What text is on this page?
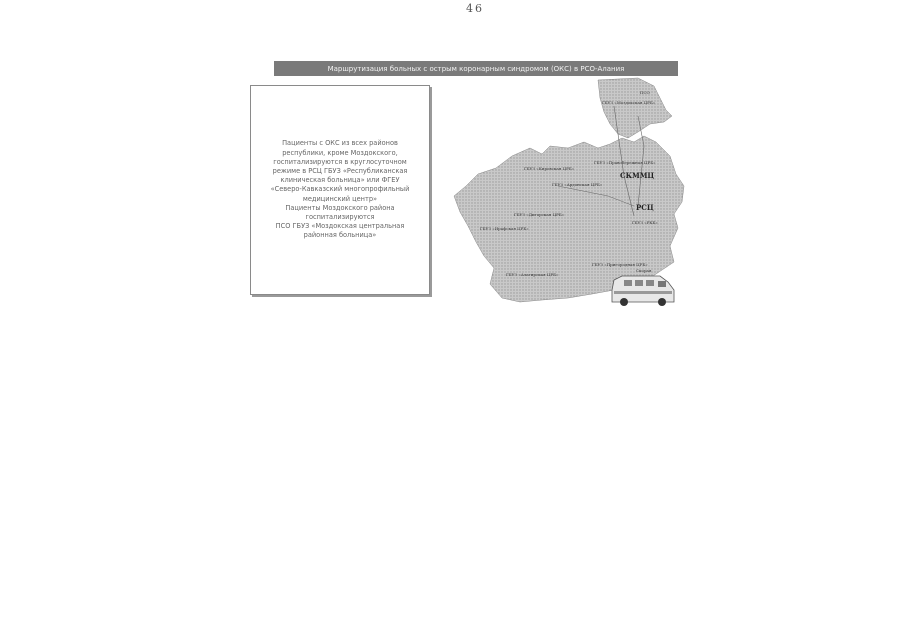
46
Маршрутизация больных с острым коронарным синдромом (ОКС) в РСО-Алания
Пациенты с ОКС из всех районов
республики, кроме Моздокского,
госпитализируются в круглосуточном
режиме в РСЦ ГБУЗ «Республиканская
клиническая больница» или ФГЕУ
«Северо-Кавказский многопрофильный
медицинский центр»
Пациенты Моздокского района
госпитализируются
ПСО ГБУЗ «Моздокская центральная
районная больница»
ПСО
ГБУЗ «Моздокская ЦРБ»
ГБУЗ «Правобережная ЦРБ»
ГБУЗ «Кировская ЦРБ»
СКММЦ
ГБУЗ «Ардонская ЦРБ»
РСЦ
ГБУЗ «РКБ»
ГБУЗ «Дигорская ЦРБ»
ГБУЗ «Ирафская ЦРБ»
ГБУЗ «Пригородная ЦРБ»
ГБУЗ «Алагирская ЦРБ»
Скорая
